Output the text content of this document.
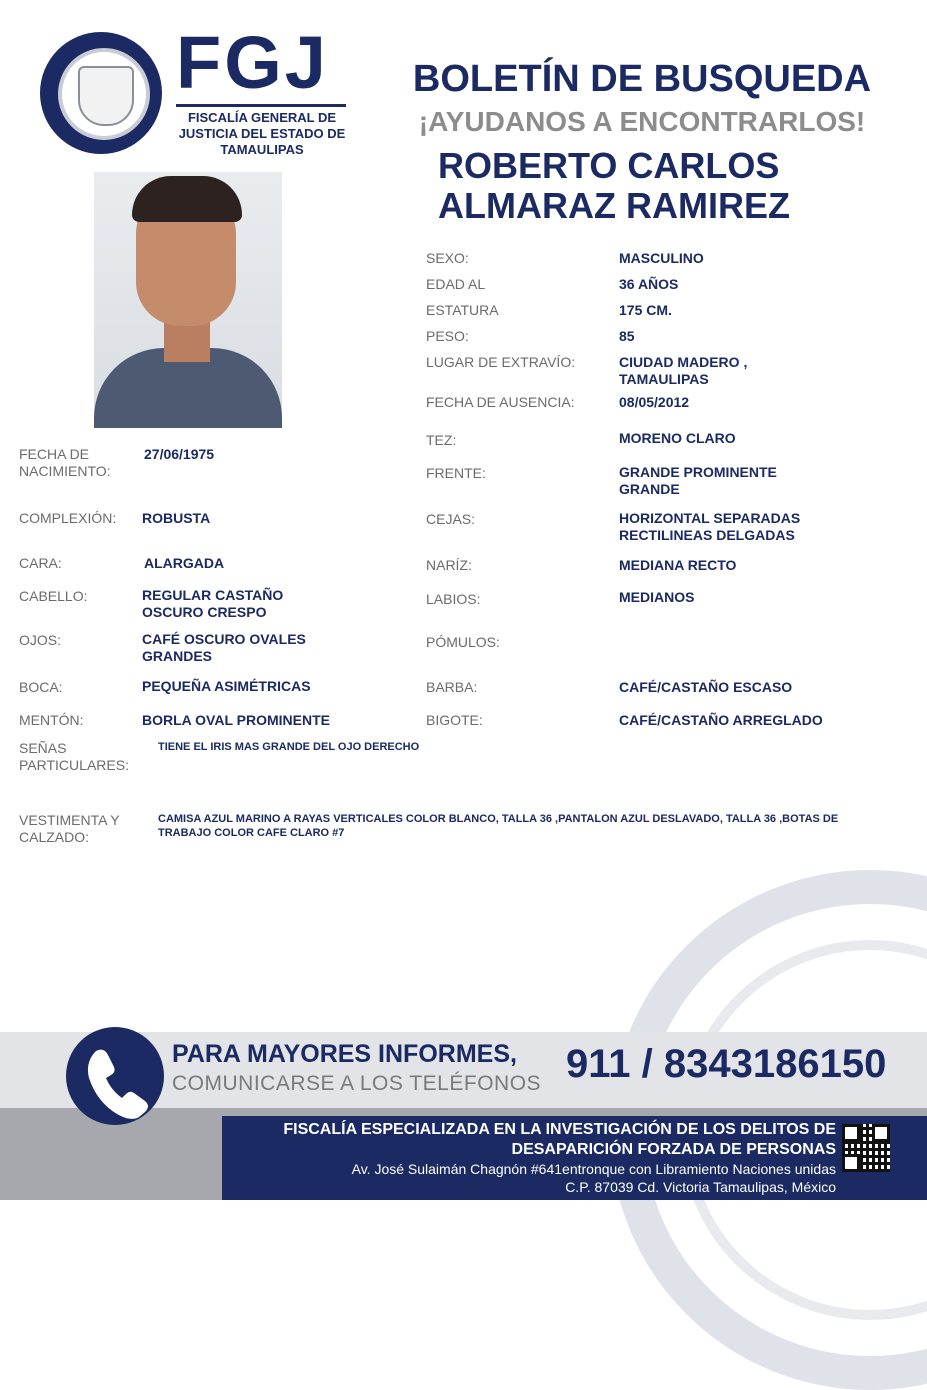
FGJ
FISCALÍA GENERAL DE JUSTICIA DEL ESTADO DE TAMAULIPAS
BOLETÍN DE BUSQUEDA
¡AYUDANOS A ENCONTRARLOS!
ROBERTO CARLOS
ALMARAZ RAMIREZ
SEXO:	MASCULINO
EDAD AL	36 AÑOS
ESTATURA	175 CM.
PESO:	85
LUGAR DE EXTRAVÍO:	CIUDAD MADERO , TAMAULIPAS
FECHA DE AUSENCIA:	08/05/2012
TEZ:	MORENO CLARO
FRENTE:	GRANDE PROMINENTE GRANDE
CEJAS:	HORIZONTAL SEPARADAS RECTILINEAS DELGADAS
NARÍZ:	MEDIANA RECTO
LABIOS:	MEDIANOS
PÓMULOS:
BARBA:	CAFÉ/CASTAÑO ESCASO
BIGOTE:	CAFÉ/CASTAÑO ARREGLADO
FECHA DE NACIMIENTO:
27/06/1975
COMPLEXIÓN: ROBUSTA
CARA:	ALARGADA
CABELLO:	REGULAR CASTAÑO OSCURO CRESPO
OJOS:	CAFÉ OSCURO OVALES GRANDES
BOCA:	PEQUEÑA ASIMÉTRICAS
MENTÓN:	BORLA OVAL PROMINENTE
SEÑAS PARTICULARES:
TIENE EL IRIS MAS GRANDE DEL OJO DERECHO
VESTIMENTA Y CALZADO:
CAMISA AZUL MARINO A RAYAS VERTICALES COLOR BLANCO, TALLA 36 ,PANTALON AZUL DESLAVADO, TALLA 36 ,BOTAS DE TRABAJO COLOR CAFE CLARO #7
PARA MAYORES INFORMES,
COMUNICARSE A LOS TELÉFONOS 911 / 8343186150
FISCALÍA ESPECIALIZADA EN LA INVESTIGACIÓN DE LOS DELITOS DE
DESAPARICIÓN FORZADA DE PERSONAS
Av. José Sulaimán Chagnón #641entronque con Libramiento Naciones unidas
C.P. 87039 Cd. Victoria Tamaulipas, México
